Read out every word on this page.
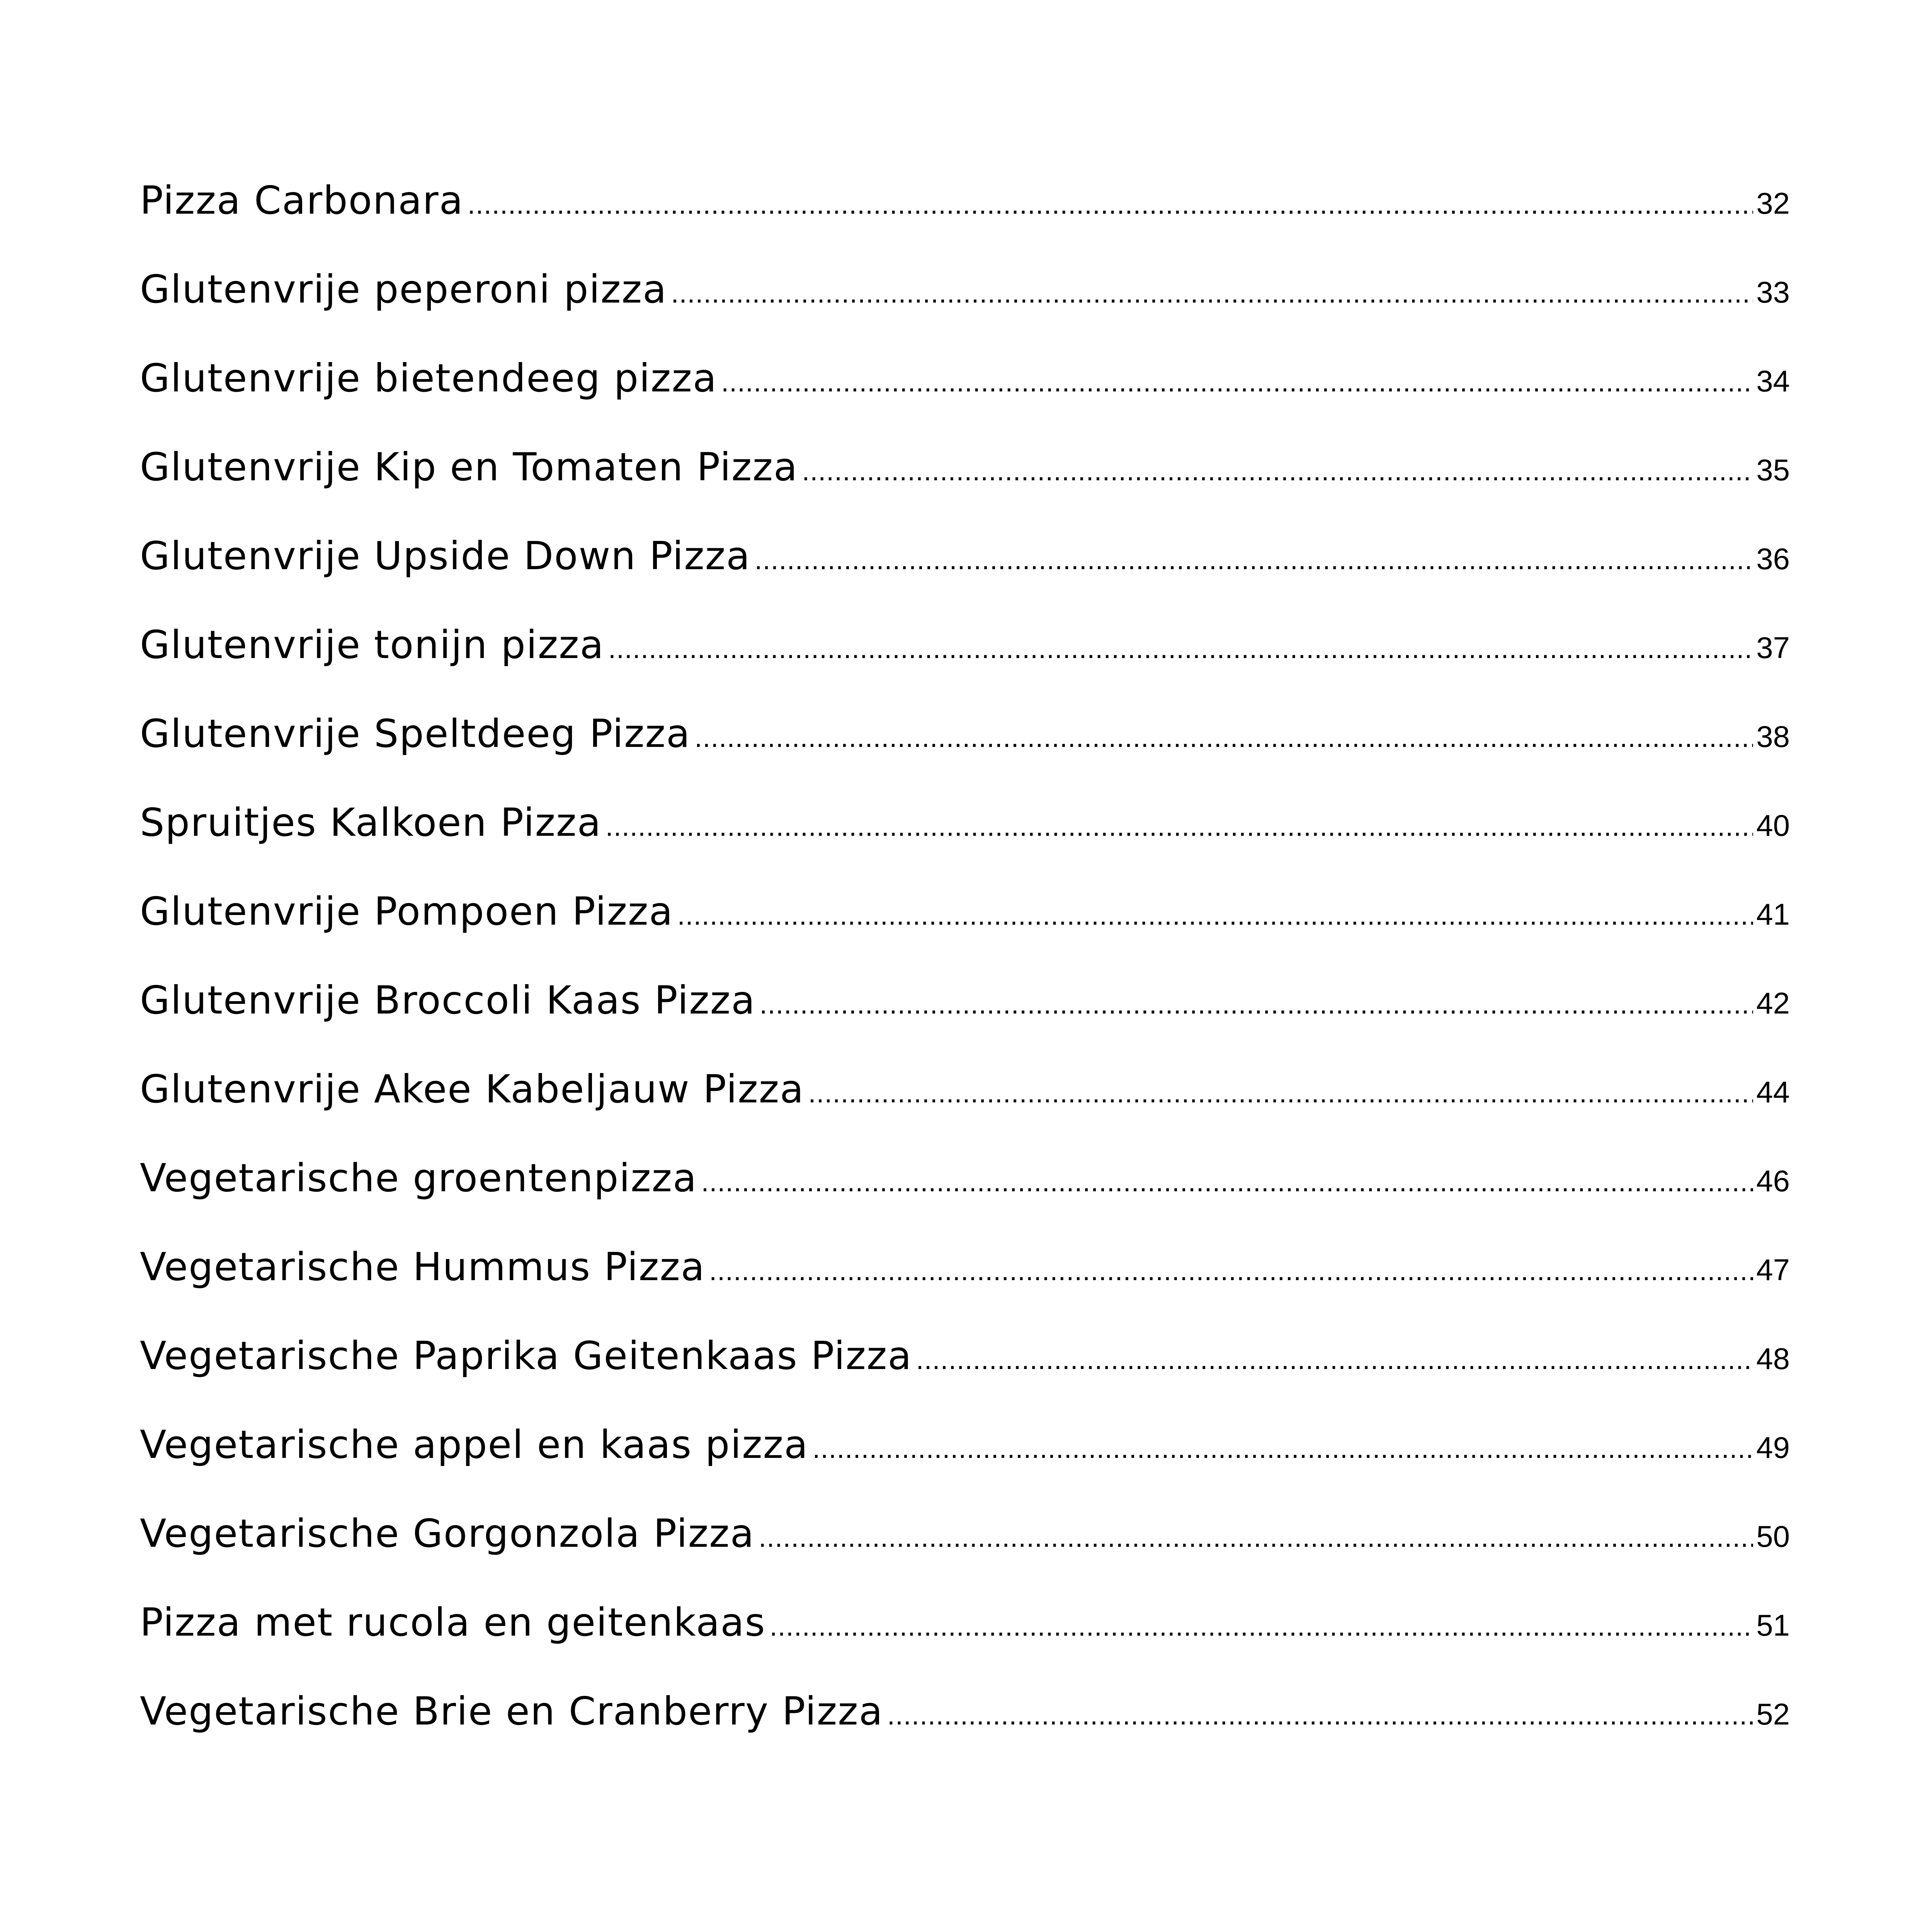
Pizza Carbonara .....	32
Glutenvrije peperoni pizza .....	33
Glutenvrije bietendeeg pizza .....	34
Glutenvrije Kip en Tomaten Pizza .....	35
Glutenvrije Upside Down Pizza .....	36
Glutenvrije tonijn pizza .....	37
Glutenvrije Speltdeeg Pizza .....	38
Spruitjes Kalkoen Pizza .....	40
Glutenvrije Pompoen Pizza .....	41
Glutenvrije Broccoli Kaas Pizza .....	42
Glutenvrije Akee Kabeljauw Pizza .....	44
Vegetarische groentenpizza .....	46
Vegetarische Hummus Pizza .....	47
Vegetarische Paprika Geitenkaas Pizza .....	48
Vegetarische appel en kaas pizza .....	49
Vegetarische Gorgonzola Pizza .....	50
Pizza met rucola en geitenkaas .....	51
Vegetarische Brie en Cranberry Pizza .....	52
